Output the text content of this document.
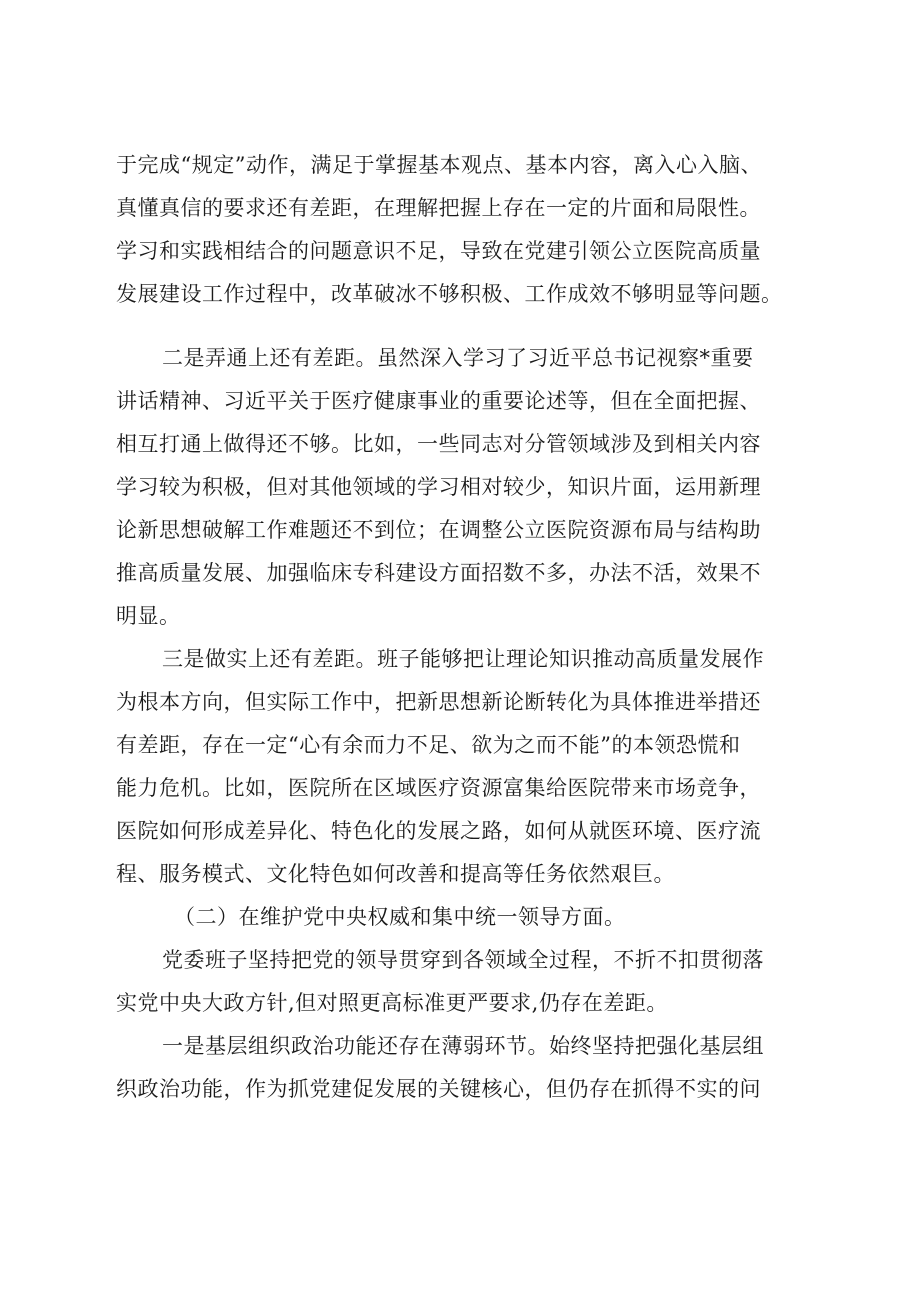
于完成“规定”动作，满足于掌握基本观点、基本内容，离入心入脑、
真懂真信的要求还有差距，在理解把握上存在一定的片面和局限性。
学习和实践相结合的问题意识不足，导致在党建引领公立医院高质量
发展建设工作过程中，改革破冰不够积极、工作成效不够明显等问题。
二是弄通上还有差距。虽然深入学习了习近平总书记视察*重要
讲话精神、习近平关于医疗健康事业的重要论述等，但在全面把握、
相互打通上做得还不够。比如，一些同志对分管领域涉及到相关内容
学习较为积极，但对其他领域的学习相对较少，知识片面，运用新理
论新思想破解工作难题还不到位；在调整公立医院资源布局与结构助
推高质量发展、加强临床专科建设方面招数不多，办法不活，效果不
明显。
三是做实上还有差距。班子能够把让理论知识推动高质量发展作
为根本方向，但实际工作中，把新思想新论断转化为具体推进举措还
有差距，存在一定“心有余而力不足、欲为之而不能”的本领恐慌和
能力危机。比如，医院所在区域医疗资源富集给医院带来市场竞争，
医院如何形成差异化、特色化的发展之路，如何从就医环境、医疗流
程、服务模式、文化特色如何改善和提高等任务依然艰巨。
（二）在维护党中央权威和集中统一领导方面。
党委班子坚持把党的领导贯穿到各领域全过程，不折不扣贯彻落
实党中央大政方针,但对照更高标准更严要求,仍存在差距。
一是基层组织政治功能还存在薄弱环节。始终坚持把强化基层组
织政治功能，作为抓党建促发展的关键核心，但仍存在抓得不实的问
